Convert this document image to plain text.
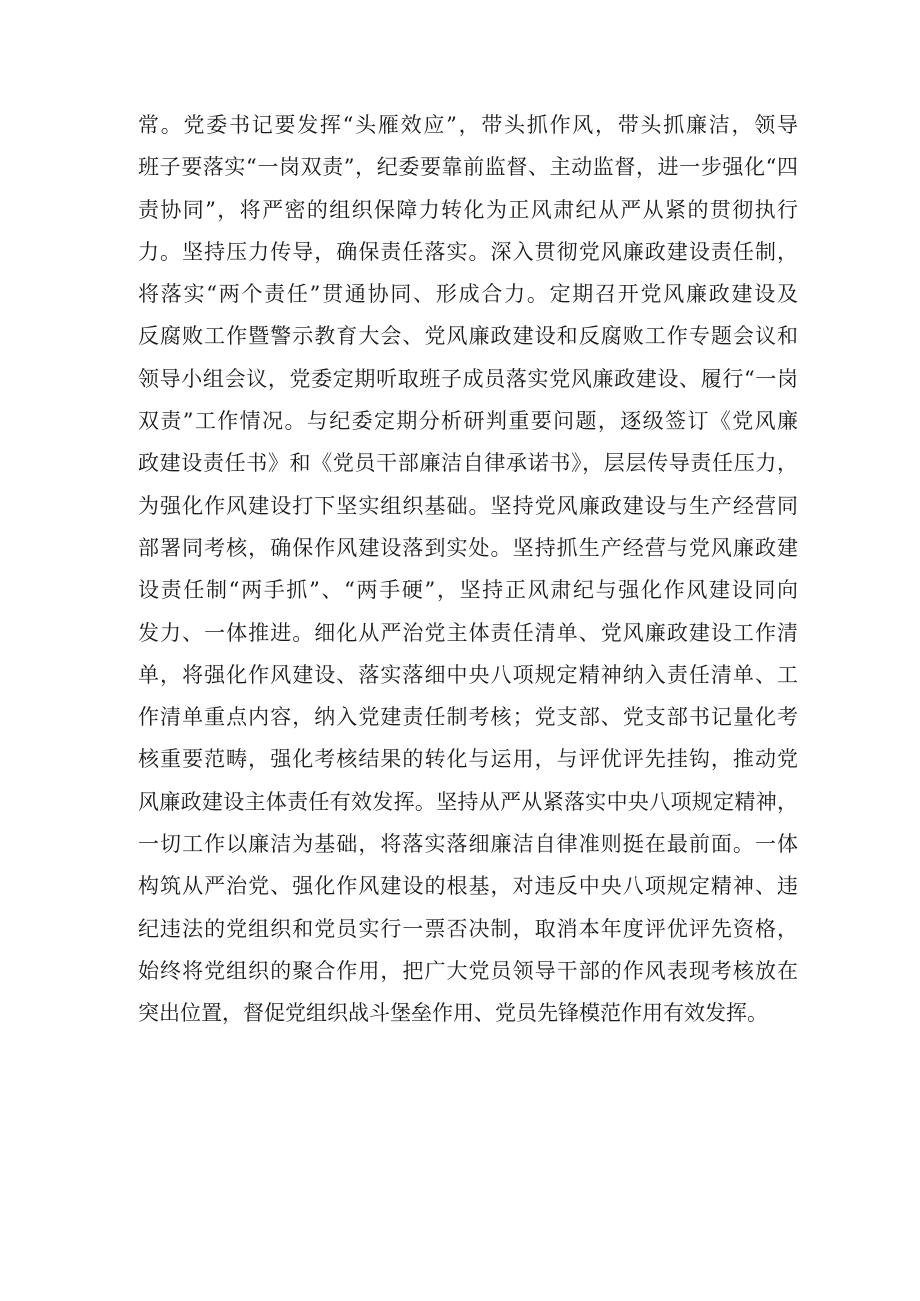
常。党委书记要发挥“头雁效应”，带头抓作风，带头抓廉洁，领导
班子要落实“一岗双责”，纪委要靠前监督、主动监督，进一步强化“四
责协同”，将严密的组织保障力转化为正风肃纪从严从紧的贯彻执行
力。坚持压力传导，确保责任落实。深入贯彻党风廉政建设责任制，
将落实“两个责任”贯通协同、形成合力。定期召开党风廉政建设及
反腐败工作暨警示教育大会、党风廉政建设和反腐败工作专题会议和
领导小组会议，党委定期听取班子成员落实党风廉政建设、履行“一岗
双责”工作情况。与纪委定期分析研判重要问题，逐级签订《党风廉
政建设责任书》和《党员干部廉洁自律承诺书》，层层传导责任压力，
为强化作风建设打下坚实组织基础。坚持党风廉政建设与生产经营同
部署同考核，确保作风建设落到实处。坚持抓生产经营与党风廉政建
设责任制“两手抓”、“两手硬”，坚持正风肃纪与强化作风建设同向
发力、一体推进。细化从严治党主体责任清单、党风廉政建设工作清
单，将强化作风建设、落实落细中央八项规定精神纳入责任清单、工
作清单重点内容，纳入党建责任制考核；党支部、党支部书记量化考
核重要范畴，强化考核结果的转化与运用，与评优评先挂钩，推动党
风廉政建设主体责任有效发挥。坚持从严从紧落实中央八项规定精神，
一切工作以廉洁为基础，将落实落细廉洁自律准则挺在最前面。一体
构筑从严治党、强化作风建设的根基，对违反中央八项规定精神、违
纪违法的党组织和党员实行一票否决制，取消本年度评优评先资格，
始终将党组织的聚合作用，把广大党员领导干部的作风表现考核放在
突出位置，督促党组织战斗堡垒作用、党员先锋模范作用有效发挥。
